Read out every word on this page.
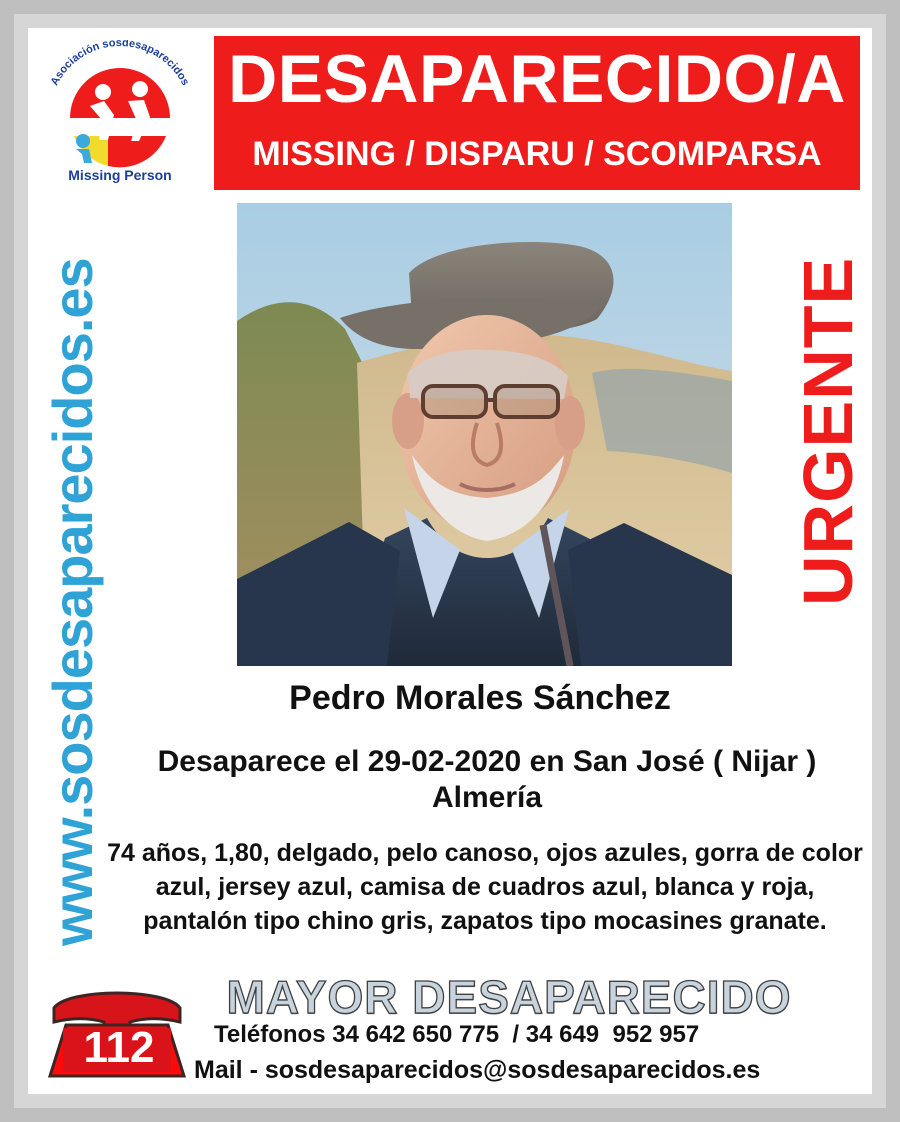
Asociación sosdesaparecidos
Missing Person
DESAPARECIDO/A
MISSING / DISPARU / SCOMPARSA
www.sosdesaparecidos.es	URGENTE
Pedro Morales Sánchez
Desaparece el 29-02-2020 en San José ( Nijar )
Almería
74 años, 1,80, delgado, pelo canoso, ojos azules, gorra de color
azul, jersey azul, camisa de cuadros azul, blanca y roja,
pantalón tipo chino gris, zapatos tipo mocasines granate.
112
MAYOR DESAPARECIDO
Teléfonos 34 642 650 775  / 34 649  952 957
Mail - sosdesaparecidos@sosdesaparecidos.es
